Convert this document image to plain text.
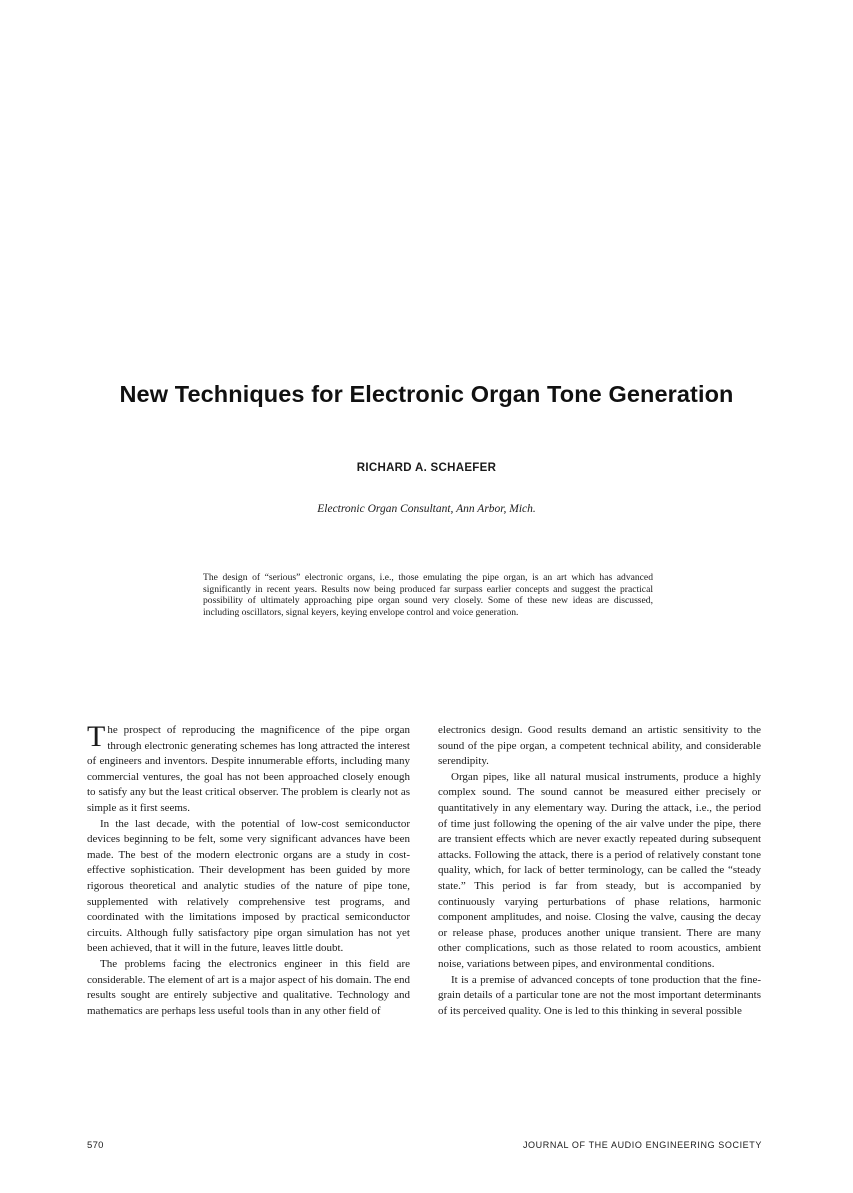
New Techniques for Electronic Organ Tone Generation
RICHARD A. SCHAEFER
Electronic Organ Consultant, Ann Arbor, Mich.
The design of “serious” electronic organs, i.e., those emulating the pipe organ, is an art which has advanced significantly in recent years. Results now being produced far surpass earlier concepts and suggest the practical possibility of ultimately approaching pipe organ sound very closely. Some of these new ideas are discussed, including oscillators, signal keyers, keying envelope control and voice generation.

The prospect of reproducing the magnificence of the pipe organ through electronic generating schemes has long attracted the interest of engineers and inventors. Despite innumerable efforts, including many commercial ventures, the goal has not been approached closely enough to satisfy any but the least critical observer. The problem is clearly not as simple as it first seems.

In the last decade, with the potential of low-cost semiconductor devices beginning to be felt, some very significant advances have been made. The best of the modern electronic organs are a study in cost-effective sophistication. Their development has been guided by more rigorous theoretical and analytic studies of the nature of pipe tone, supplemented with relatively comprehensive test programs, and coordinated with the limitations imposed by practical semiconductor circuits. Although fully satisfactory pipe organ simulation has not yet been achieved, that it will in the future, leaves little doubt.

The problems facing the electronics engineer in this field are considerable. The element of art is a major aspect of his domain. The end results sought are entirely subjective and qualitative. Technology and mathematics are perhaps less useful tools than in any other field of

electronics design. Good results demand an artistic sensitivity to the sound of the pipe organ, a competent technical ability, and considerable serendipity.

Organ pipes, like all natural musical instruments, produce a highly complex sound. The sound cannot be measured either precisely or quantitatively in any elementary way. During the attack, i.e., the period of time just following the opening of the air valve under the pipe, there are transient effects which are never exactly repeated during subsequent attacks. Following the attack, there is a period of relatively constant tone quality, which, for lack of better terminology, can be called the “steady state.” This period is far from steady, but is accompanied by continuously varying perturbations of phase relations, harmonic component amplitudes, and noise. Closing the valve, causing the decay or release phase, produces another unique transient. There are many other complications, such as those related to room acoustics, ambient noise, variations between pipes, and environmental conditions.

It is a premise of advanced concepts of tone production that the fine-grain details of a particular tone are not the most important determinants of its perceived quality. One is led to this thinking in several possible

570	JOURNAL OF THE AUDIO ENGINEERING SOCIETY
